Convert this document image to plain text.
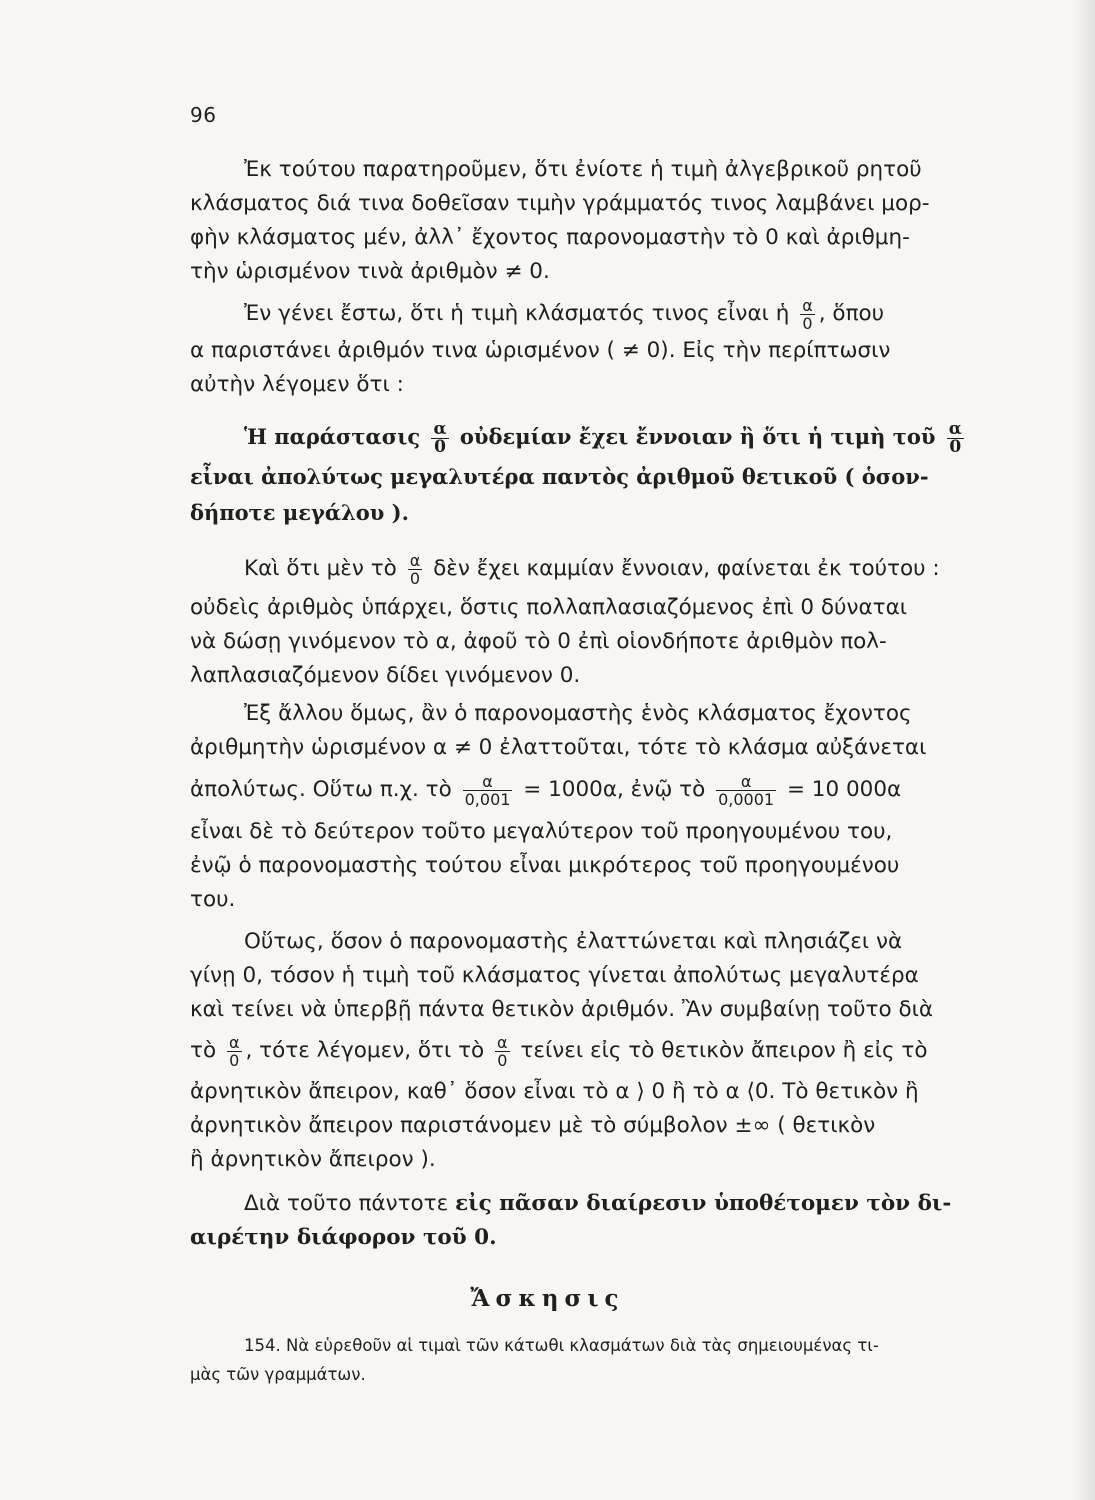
96

Ἐκ τούτου παρατηροῦμεν, ὅτι ἐνίοτε ἡ τιμὴ ἀλγεβρικοῦ ρητοῦ

κλάσματος διά τινα δοθεῖσαν τιμὴν γράμματός τινος λαμβάνει μορ-

φὴν κλάσματος μέν, ἀλλ᾽ ἔχοντος παρονομαστὴν τὸ 0 καὶ ἀριθμη-

τὴν ὡρισμένον τινὰ ἀριθμὸν ≠ 0.

Ἐν γένει ἔστω, ὅτι ἡ τιμὴ κλάσματός τινος εἶναι ἡ $\frac{\alpha}{0}$ , ὅπου

α παριστάνει ἀριθμόν τινα ὡρισμένον ( ≠ 0). Εἰς τὴν περίπτωσιν

αὐτὴν λέγομεν ὅτι :

Ἡ παράστασις $\frac{\alpha}{0}$ οὐδεμίαν ἔχει ἔννοιαν ἢ ὅτι ἡ τιμὴ τοῦ $\frac{\alpha}{0}$

εἶναι ἀπολύτως μεγαλυτέρα παντὸς ἀριθμοῦ θετικοῦ ( ὁσον-

δήποτε μεγάλου ).

Καὶ ὅτι μὲν τὸ $\frac{\alpha}{0}$ δὲν ἔχει καμμίαν ἔννοιαν, φαίνεται ἐκ τούτου :

οὐδεὶς ἀριθμὸς ὑπάρχει, ὅστις πολλαπλασιαζόμενος ἐπὶ 0 δύναται

νὰ δώσῃ γινόμενον τὸ α, ἀφοῦ τὸ 0 ἐπὶ οἱονδήποτε ἀριθμὸν πολ-

λαπλασιαζόμενον δίδει γινόμενον 0.

Ἐξ ἄλλου ὅμως, ἂν ὁ παρονομαστὴς ἑνὸς κλάσματος ἔχοντος

ἀριθμητὴν ὡρισμένον α ≠ 0 ἐλαττοῦται, τότε τὸ κλάσμα αὐξάνεται

ἀπολύτως. Οὕτω π.χ. τὸ $\frac{\alpha}{0,001} = 1000\alpha$, ἐνῷ τὸ $\frac{\alpha}{0,0001} = 10$ 000α

εἶναι δὲ τὸ δεύτερον τοῦτο μεγαλύτερον τοῦ προηγουμένου του,

ἐνῷ ὁ παρονομαστὴς τούτου εἶναι μικρότερος τοῦ προηγουμένου

του.

Οὕτως, ὅσον ὁ παρονομαστὴς ἐλαττώνεται καὶ πλησιάζει νὰ

γίνῃ 0, τόσον ἡ τιμὴ τοῦ κλάσματος γίνεται ἀπολύτως μεγαλυτέρα

καὶ τείνει νὰ ὑπερβῇ πάντα θετικὸν ἀριθμόν. Ἂν συμβαίνῃ τοῦτο διὰ

τὸ $\frac{\alpha}{0}$ , τότε λέγομεν, ὅτι τὸ $\frac{\alpha}{0}$ τείνει εἰς τὸ θετικὸν ἄπειρον ἢ εἰς τὸ

ἀρνητικὸν ἄπειρον, καθ᾽ ὅσον εἶναι τὸ α ⟩ 0 ἢ τὸ α ⟨0. Τὸ θετικὸν ἢ

ἀρνητικὸν ἄπειρον παριστάνομεν μὲ τὸ σύμβολον ±∞ ( θετικὸν

ἢ ἀρνητικὸν ἄπειρον ).

Διὰ τοῦτο πάντοτε εἰς πᾶσαν διαίρεσιν ὑποθέτομεν τὸν δι-

αιρέτην διάφορον τοῦ 0.

Ἄσκησις

154. Νὰ εὑρεθοῦν αἱ τιμαὶ τῶν κάτωθι κλασμάτων διὰ τὰς σημειουμένας τι-

μὰς τῶν γραμμάτων.
